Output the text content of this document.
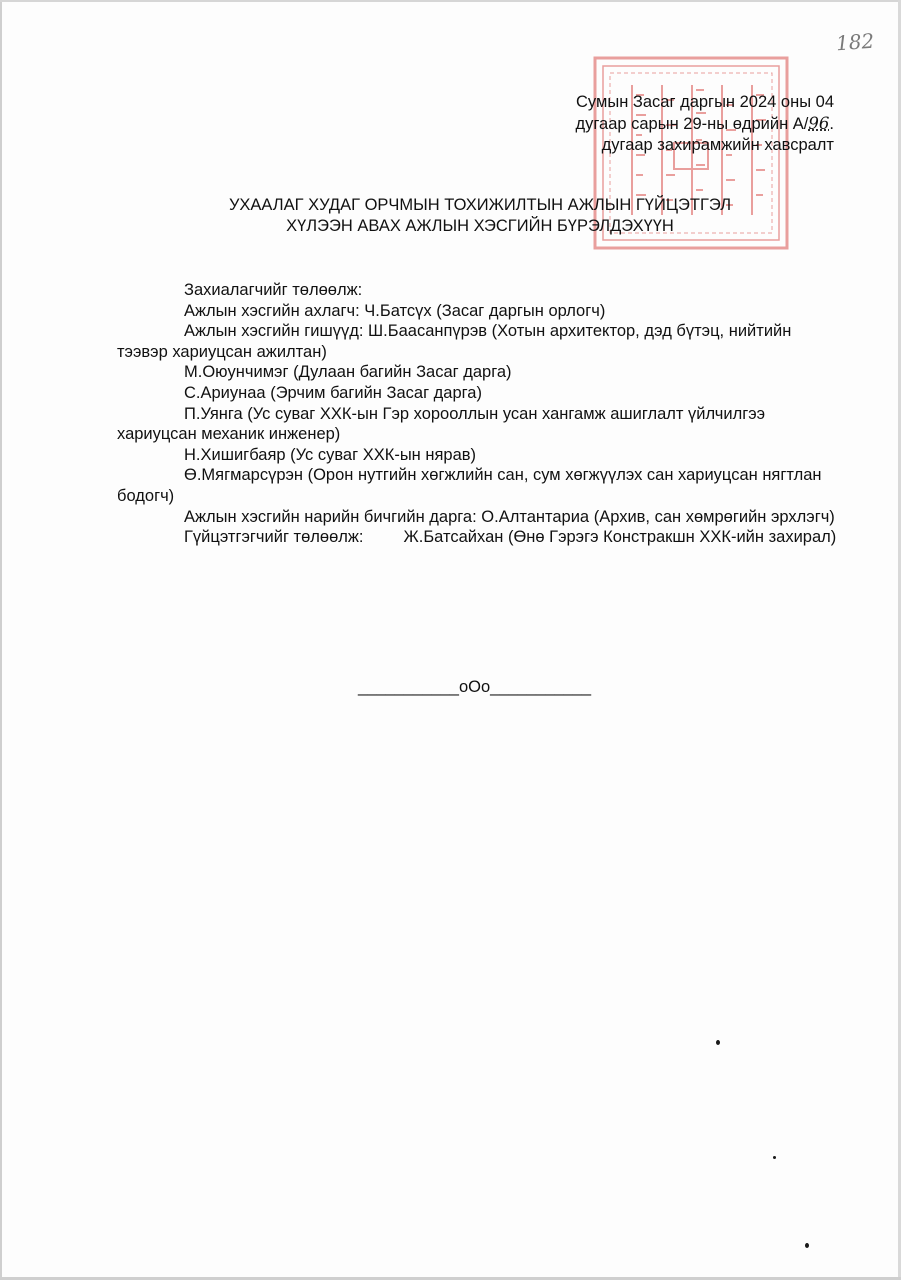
182
Сумын Засаг даргын 2024 оны 04
дугаар сарын 29-ны өдрийн А/96.
дугаар захирамжийн хавсралт
УХААЛАГ ХУДАГ ОРЧМЫН ТОХИЖИЛТЫН АЖЛЫН ГҮЙЦЭТГЭЛ
ХҮЛЭЭН АВАХ АЖЛЫН ХЭСГИЙН БҮРЭЛДЭХҮҮН

Захиалагчийг төлөөлж:

Ажлын хэсгийн ахлагч: Ч.Батсүх (Засаг даргын орлогч)

Ажлын хэсгийн гишүүд: Ш.Баасанпүрэв (Хотын архитектор, дэд бүтэц, нийтийн тээвэр хариуцсан ажилтан)

М.Оюунчимэг (Дулаан багийн Засаг дарга)

С.Ариунаа (Эрчим багийн Засаг дарга)

П.Уянга (Ус суваг ХХК-ын Гэр хорооллын усан хангамж ашиглалт үйлчилгээ хариуцсан механик инженер)

Н.Хишигбаяр (Ус суваг ХХК-ын нярав)

Ө.Мягмарсүрэн (Орон нутгийн хөгжлийн сан, сум хөгжүүлэх сан хариуцсан нягтлан бодогч)

Ажлын хэсгийн нарийн бичгийн дарга: О.Алтантариа (Архив, сан хөмрөгийн эрхлэгч)

Гүйцэтгэгчийг төлөөлж: Ж.Батсайхан (Өнө Гэрэгэ Констракшн ХХК-ийн захирал)

___________оОо___________
